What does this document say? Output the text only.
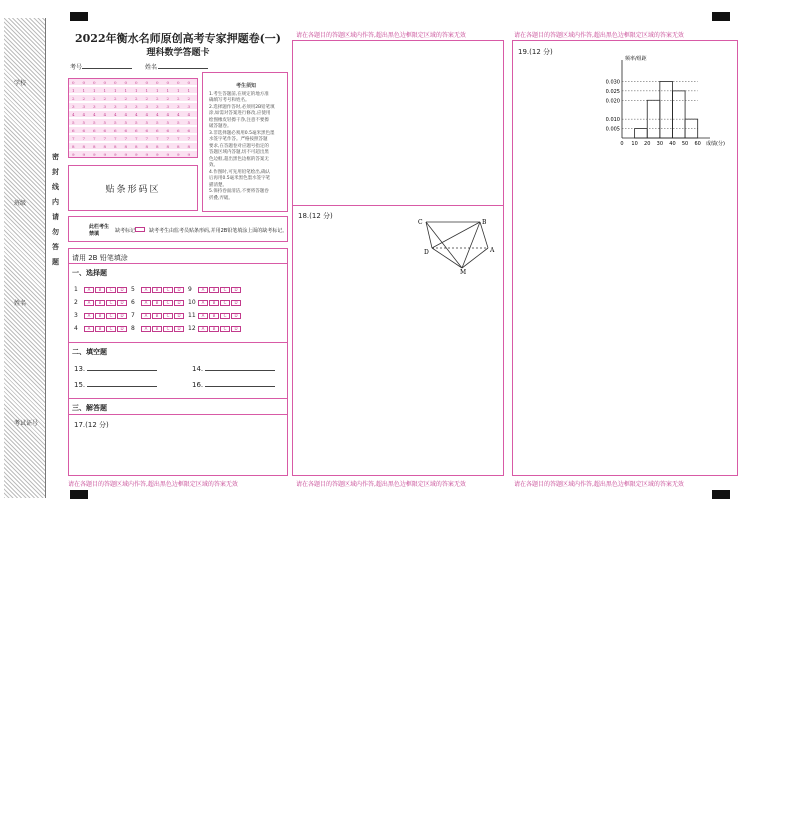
学校
班级
姓名
考试证号
密封线内请勿答题
2022年衡水名师原创高考专家押题卷(一)
理科数学答题卡
考号	姓名
0 0 0 0 0 0 0 0 0 0 0 0
1 1 1 1 1 1 1 1 1 1 1 1
2 2 2 2 2 2 2 2 2 2 2 2
3 3 3 3 3 3 3 3 3 3 3 3
4 4 4 4 4 4 4 4 4 4 4 4
5 5 5 5 5 5 5 5 5 5 5 5
6 6 6 6 6 6 6 6 6 6 6 6
7 7 7 7 7 7 7 7 7 7 7 7
8 8 8 8 8 8 8 8 8 8 8 8
9 9 9 9 9 9 9 9 9 9 9 9
考生须知
1.考生答题前,在规定的地方准
确填写考号和姓名。
2.选择题作答时,必须用2B铅笔填
涂,如需对答案进行修改,应使用
绘图橡皮轻擦干净,注意不要擦
破答题卷。
3.非选择题必须用0.5毫米黑色墨
水签字笔作答。严格按照答题
要求,在答题卷对应题号指定的
答题区域内答题,切不可超出黑
色边框,超出黑色边框的答案无
效。
4.作图时,可先用铅笔绘出,确认
后再用0.5毫米黑色墨水签字笔
描清楚。
5.保持卷面清洁,不要将答题卷
折叠,弄破。
贴条形码区
此栏考生禁填	缺考标记	缺考考生由监考员贴条形码,并用2B铅笔填涂上面的缺考标记。
请用 2B 铅笔填涂
一、选择题
1	A	B	C	D	5	A	B	C	D	9	A	B	C	D
2	A	B	C	D	6	A	B	C	D	10	A	B	C	D
3	A	B	C	D	7	A	B	C	D	11	A	B	C	D
4	A	B	C	D	8	A	B	C	D	12	A	B	C	D
二、填空题
13.	14.
15.	16.
三、解答题
17.(12 分)
请在各题目的答题区域内作答,超出黑色边框限定区域的答案无效
请在各题目的答题区域内作答,超出黑色边框限定区域的答案无效
18.(12 分)
C	B
D	A
M
请在各题目的答题区域内作答,超出黑色边框限定区域的答案无效
请在各题目的答题区域内作答,超出黑色边框限定区域的答案无效
19.(12 分)
0.005
0.010
0.020
0.025
0.030
0 10 20 30 40 50 60 成绩(分)
频率/组距
请在各题目的答题区域内作答,超出黑色边框限定区域的答案无效
